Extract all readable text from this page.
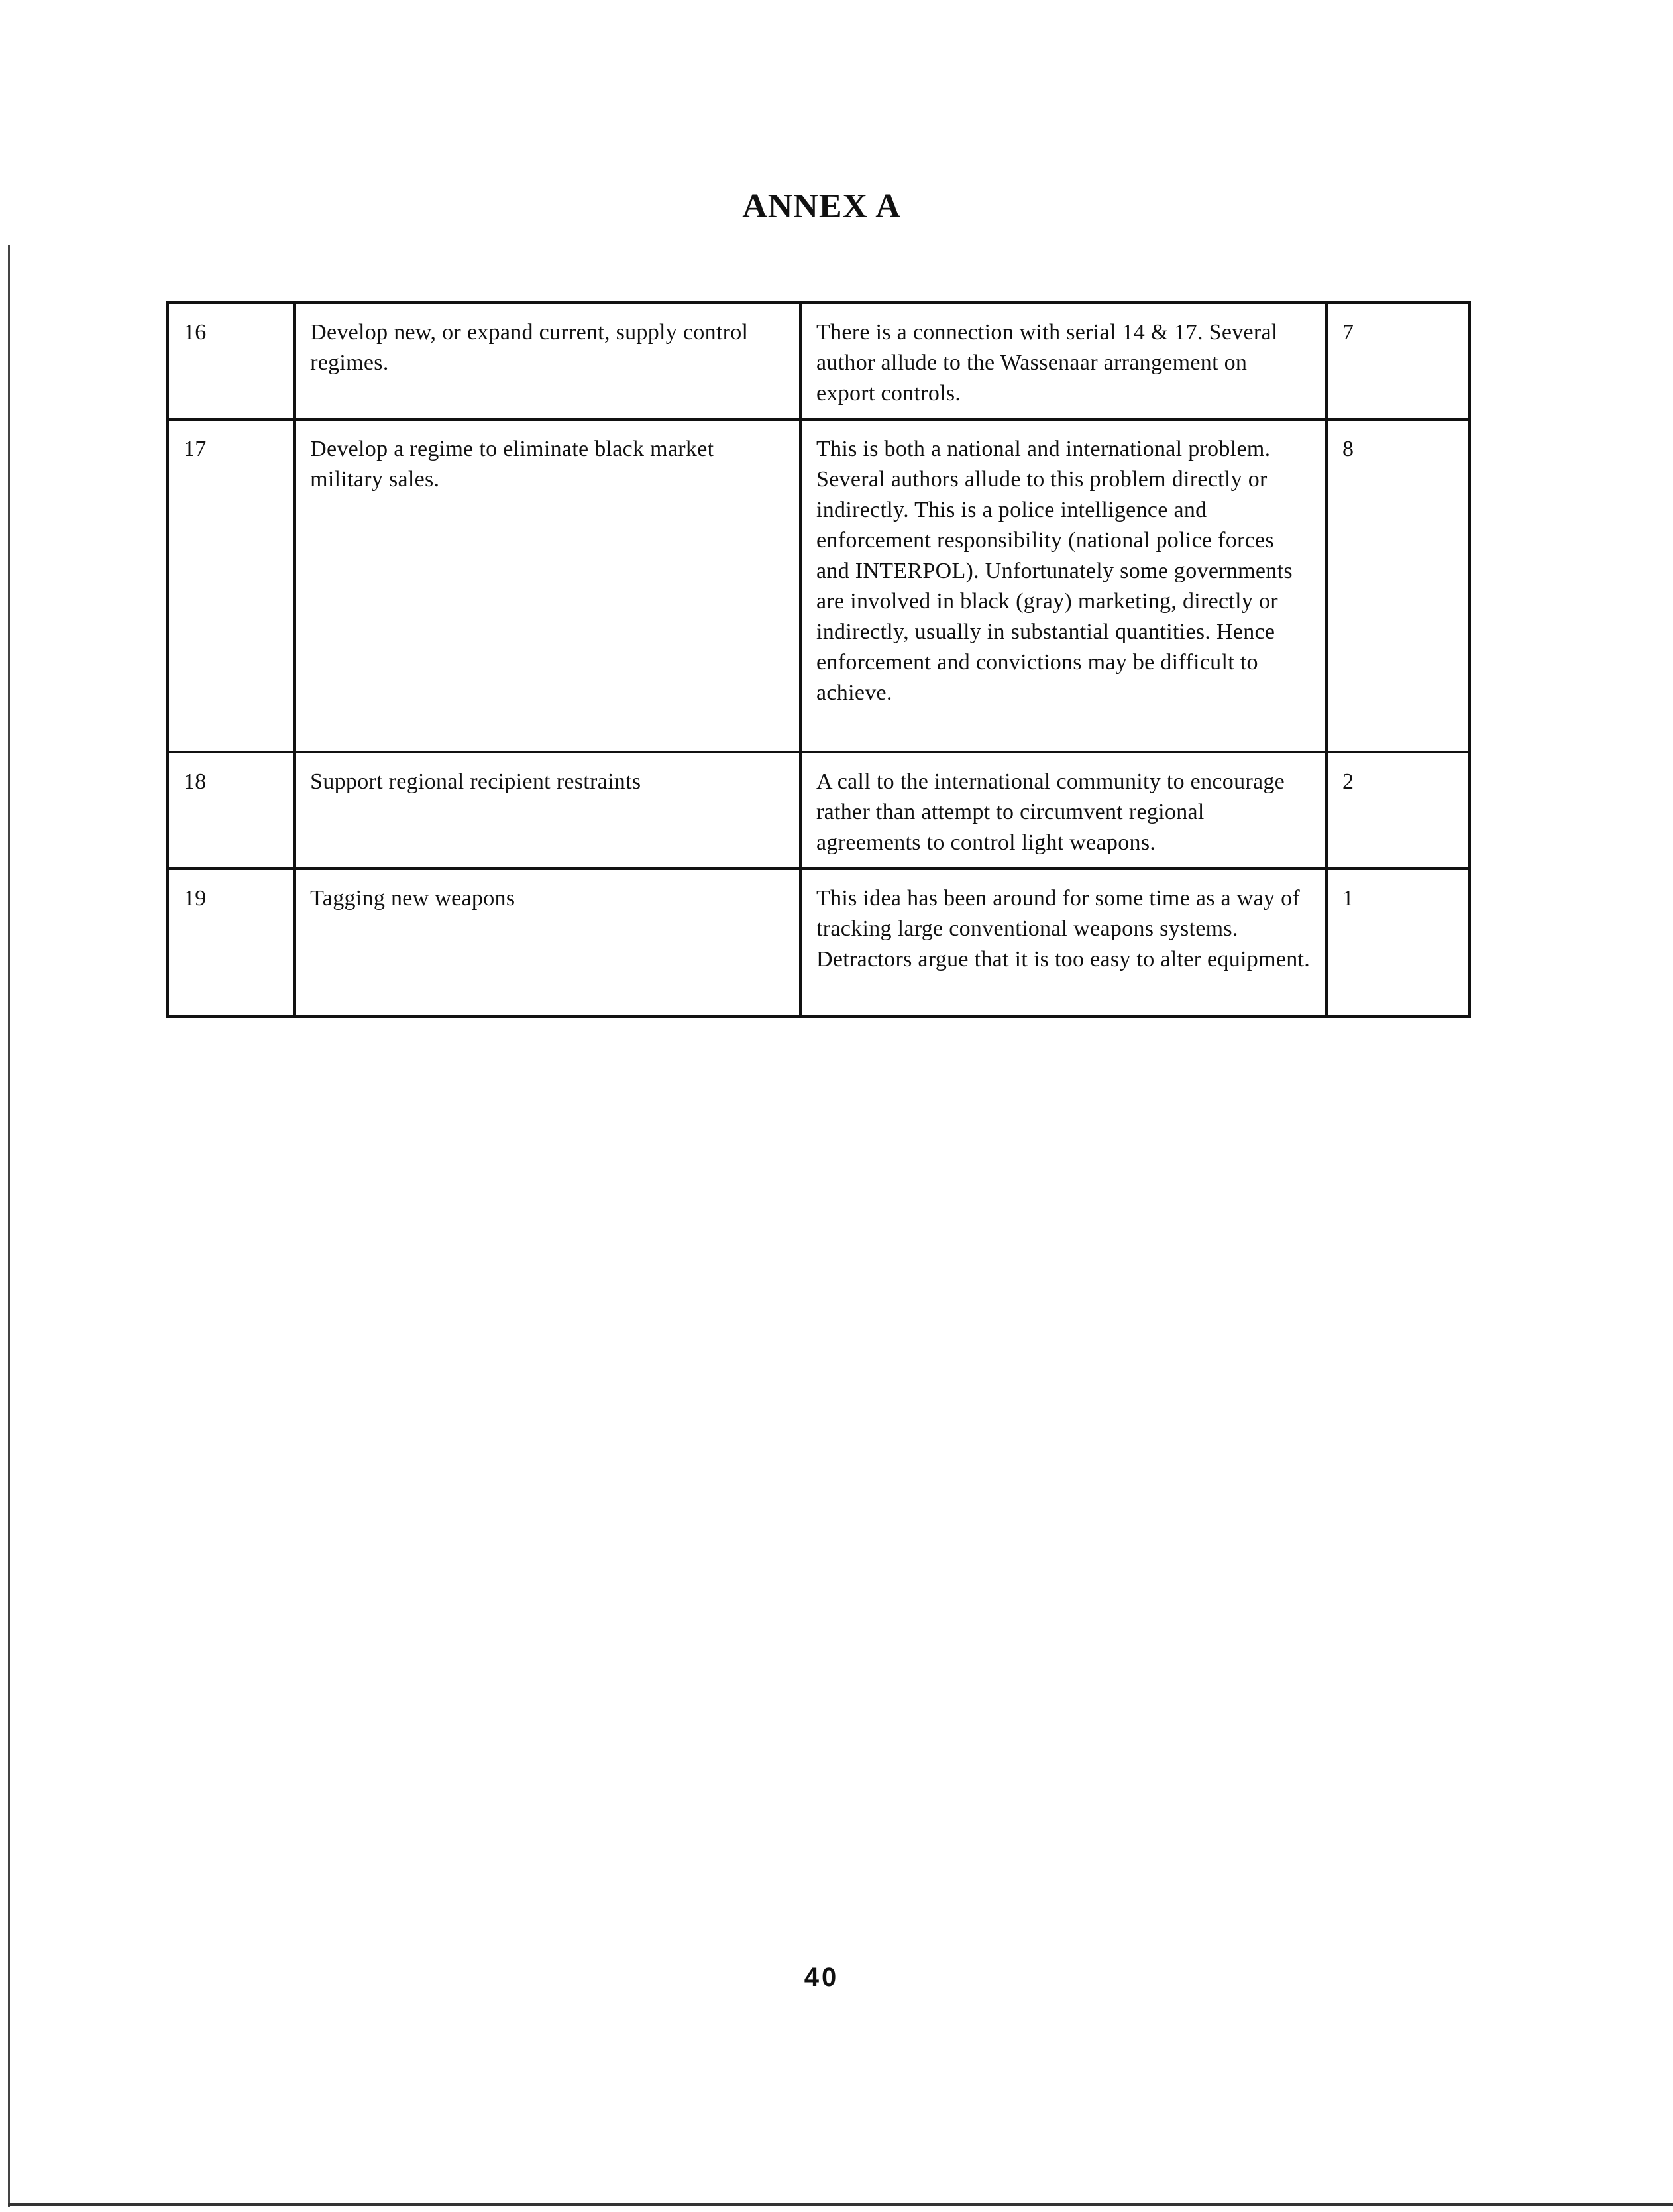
ANNEX A
16	Develop new, or expand current, supply control regimes.	There is a connection with serial 14 & 17. Several author allude to the Wassenaar arrangement on export controls.	7
17	Develop a regime to eliminate black market military sales.	This is both a national and international problem. Several authors allude to this problem directly or indirectly. This is a police intelligence and enforcement responsibility (national police forces and INTERPOL). Unfortunately some governments are involved in black (gray) marketing, directly or indirectly, usually in substantial quantities. Hence enforcement and convictions may be difficult to achieve.	8
18	Support regional recipient restraints	A call to the international community to encourage rather than attempt to circumvent regional agreements to control light weapons.	2
19	Tagging new weapons	This idea has been around for some time as a way of tracking large conventional weapons systems. Detractors argue that it is too easy to alter equipment.	1
40
